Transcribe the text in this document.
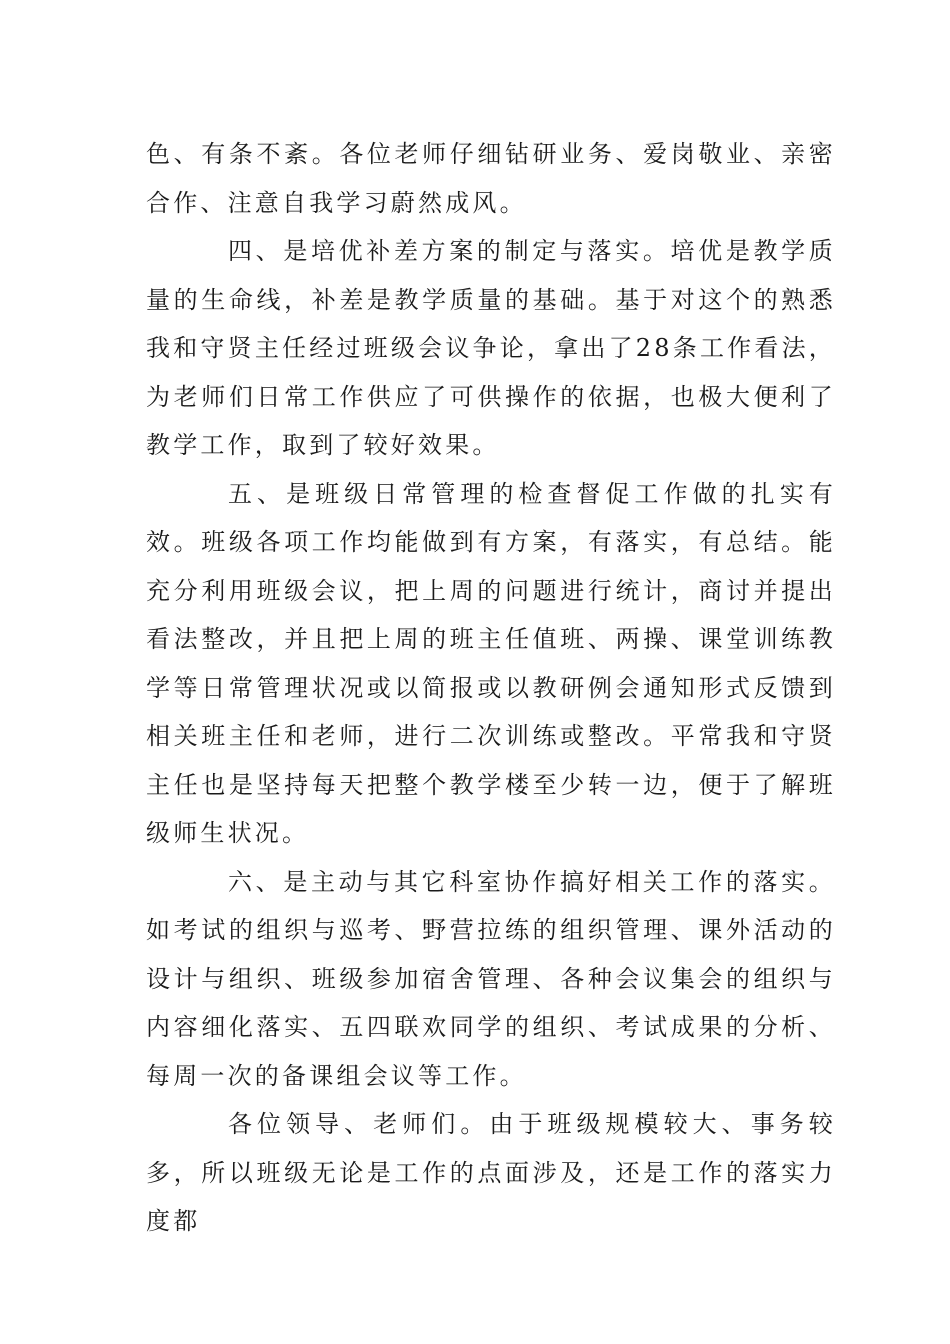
色、有条不紊。各位老师仔细钻研业务、爱岗敬业、亲密合作、注意自我学习蔚然成风。

四、是培优补差方案的制定与落实。培优是教学质量的生命线，补差是教学质量的基础。基于对这个的熟悉我和守贤主任经过班级会议争论，拿出了28条工作看法，为老师们日常工作供应了可供操作的依据，也极大便利了教学工作，取到了较好效果。

五、是班级日常管理的检查督促工作做的扎实有效。班级各项工作均能做到有方案，有落实，有总结。能充分利用班级会议，把上周的问题进行统计，商讨并提出看法整改，并且把上周的班主任值班、两操、课堂训练教学等日常管理状况或以简报或以教研例会通知形式反馈到相关班主任和老师，进行二次训练或整改。平常我和守贤主任也是坚持每天把整个教学楼至少转一边，便于了解班级师生状况。

六、是主动与其它科室协作搞好相关工作的落实。如考试的组织与巡考、野营拉练的组织管理、课外活动的设计与组织、班级参加宿舍管理、各种会议集会的组织与内容细化落实、五四联欢同学的组织、考试成果的分析、每周一次的备课组会议等工作。

各位领导、老师们。由于班级规模较大、事务较多，所以班级无论是工作的点面涉及，还是工作的落实力度都
